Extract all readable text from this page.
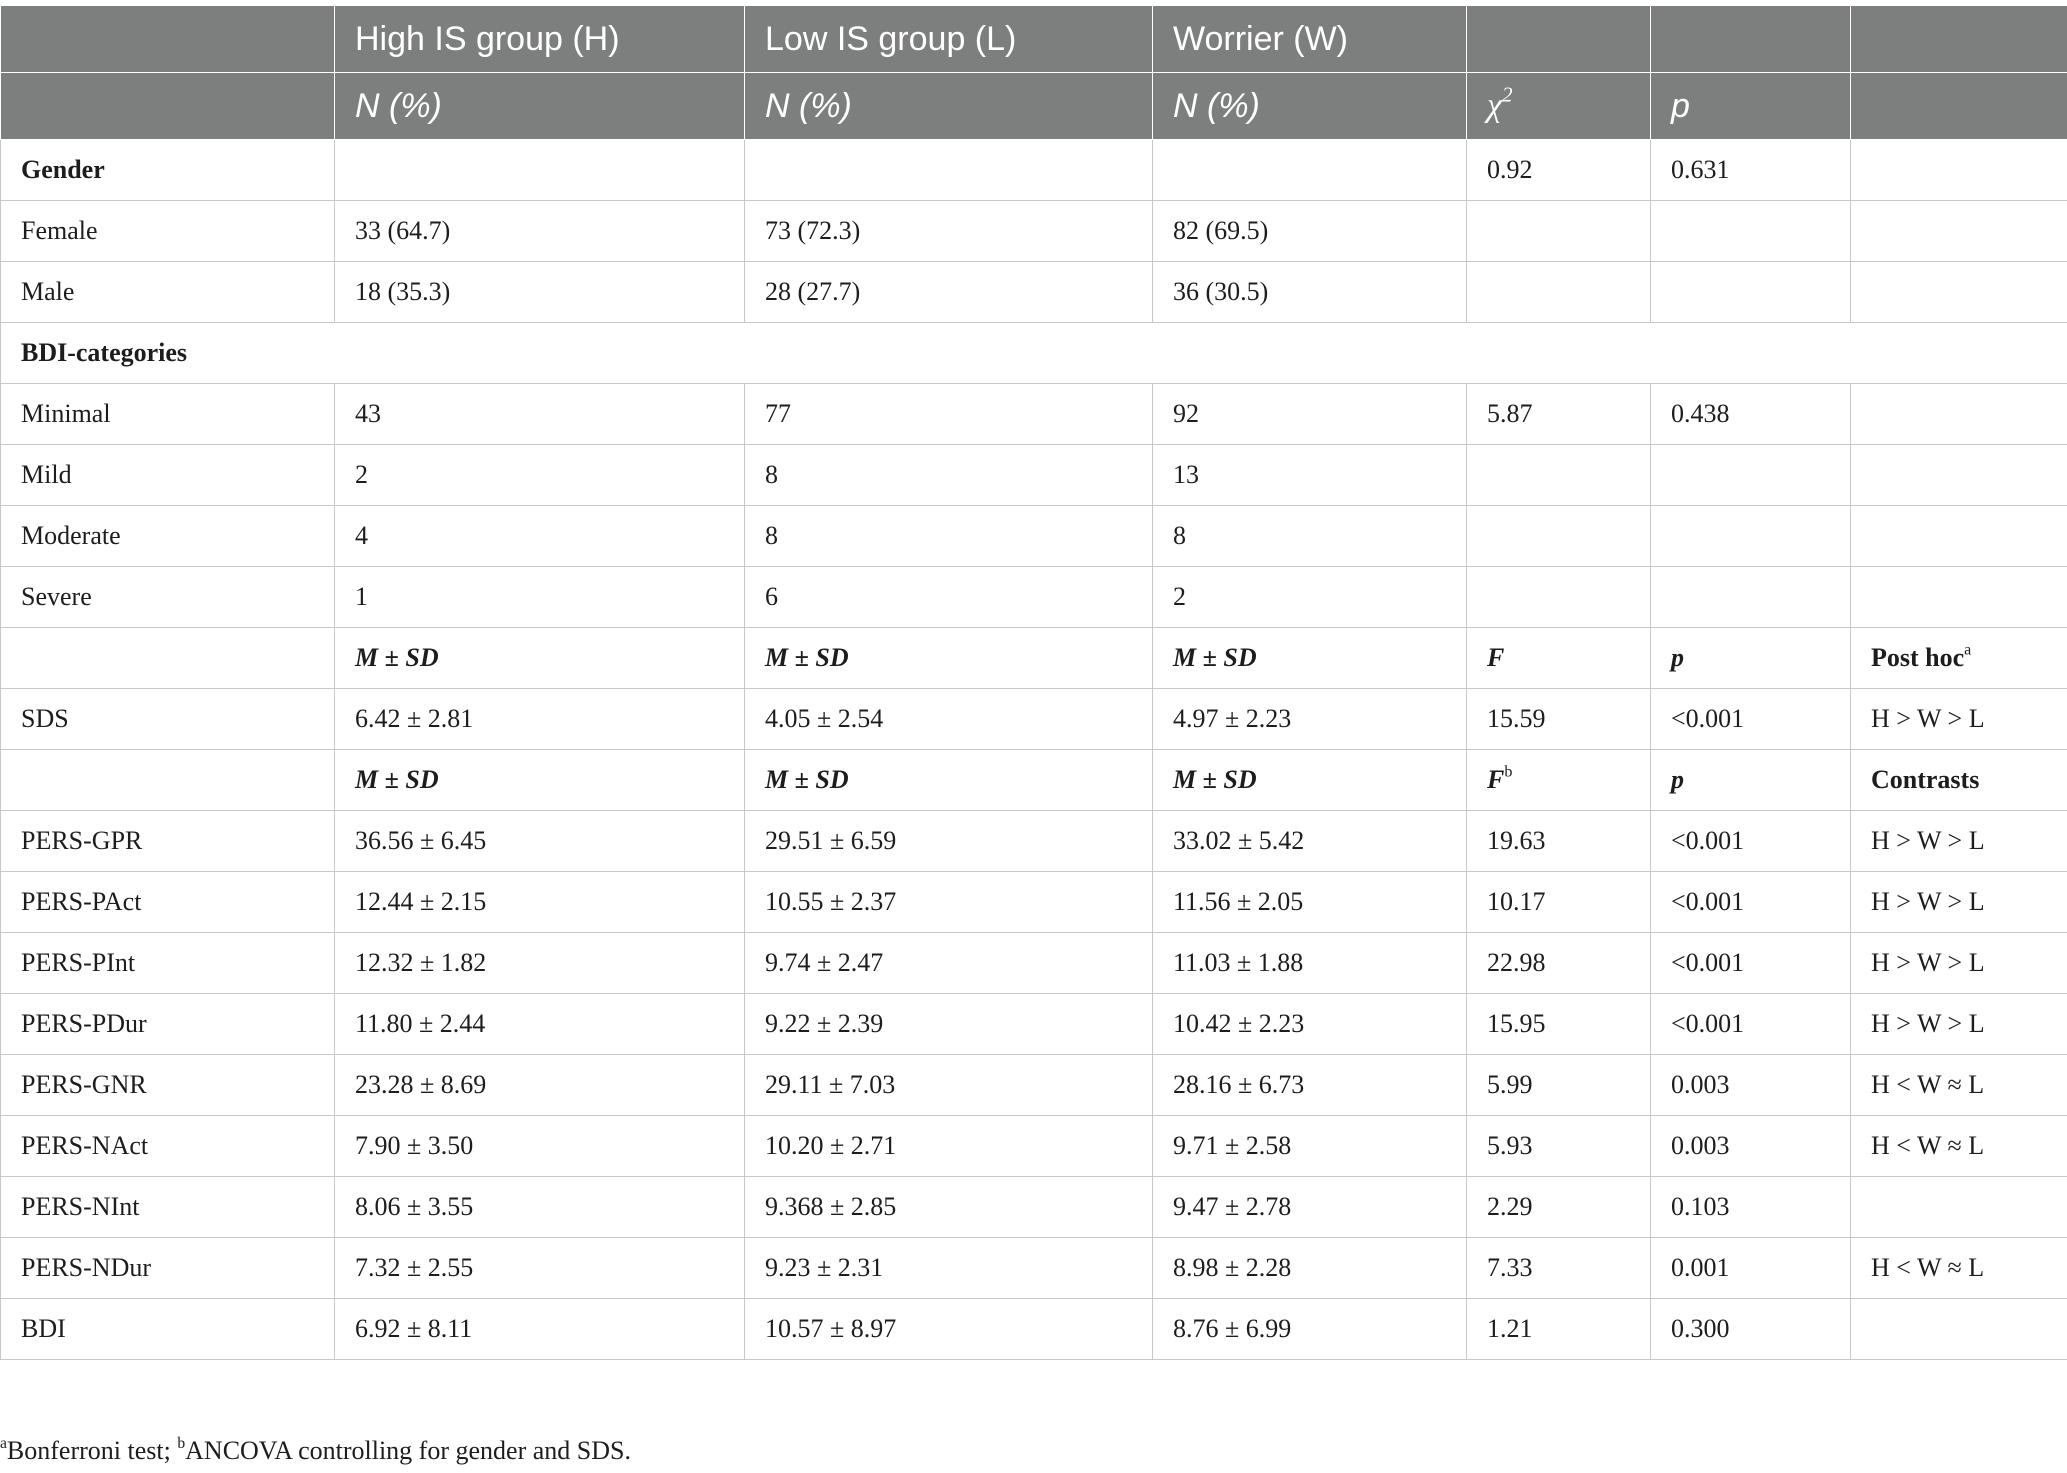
	High IS group (H)	Low IS group (L)	Worrier (W)			
	N (%)	N (%)	N (%)	$\chi^2$	p	
Gender				0.92	0.631	
Female	33 (64.7)	73 (72.3)	82 (69.5)			
Male	18 (35.3)	28 (27.7)	36 (30.5)			
BDI-categories						
Minimal	43	77	92	5.87	0.438	
Mild	2	8	13			
Moderate	4	8	8			
Severe	1	6	2			
	M ± SD	M ± SD	M ± SD	F	p	Post hoc$^a$
SDS	6.42 ± 2.81	4.05 ± 2.54	4.97 ± 2.23	15.59	<0.001	H > W > L
	M ± SD	M ± SD	M ± SD	$F^b$	p	Contrasts
PERS-GPR	36.56 ± 6.45	29.51 ± 6.59	33.02 ± 5.42	19.63	<0.001	H > W > L
PERS-PAct	12.44 ± 2.15	10.55 ± 2.37	11.56 ± 2.05	10.17	<0.001	H > W > L
PERS-PInt	12.32 ± 1.82	9.74 ± 2.47	11.03 ± 1.88	22.98	<0.001	H > W > L
PERS-PDur	11.80 ± 2.44	9.22 ± 2.39	10.42 ± 2.23	15.95	<0.001	H > W > L
PERS-GNR	23.28 ± 8.69	29.11 ± 7.03	28.16 ± 6.73	5.99	0.003	H < W ≈ L
PERS-NAct	7.90 ± 3.50	10.20 ± 2.71	9.71 ± 2.58	5.93	0.003	H < W ≈ L
PERS-NInt	8.06 ± 3.55	9.368 ± 2.85	9.47 ± 2.78	2.29	0.103	
PERS-NDur	7.32 ± 2.55	9.23 ± 2.31	8.98 ± 2.28	7.33	0.001	H < W ≈ L
BDI	6.92 ± 8.11	10.57 ± 8.97	8.76 ± 6.99	1.21	0.300	
$^a$Bonferroni test; $^b$ANCOVA controlling for gender and SDS.
